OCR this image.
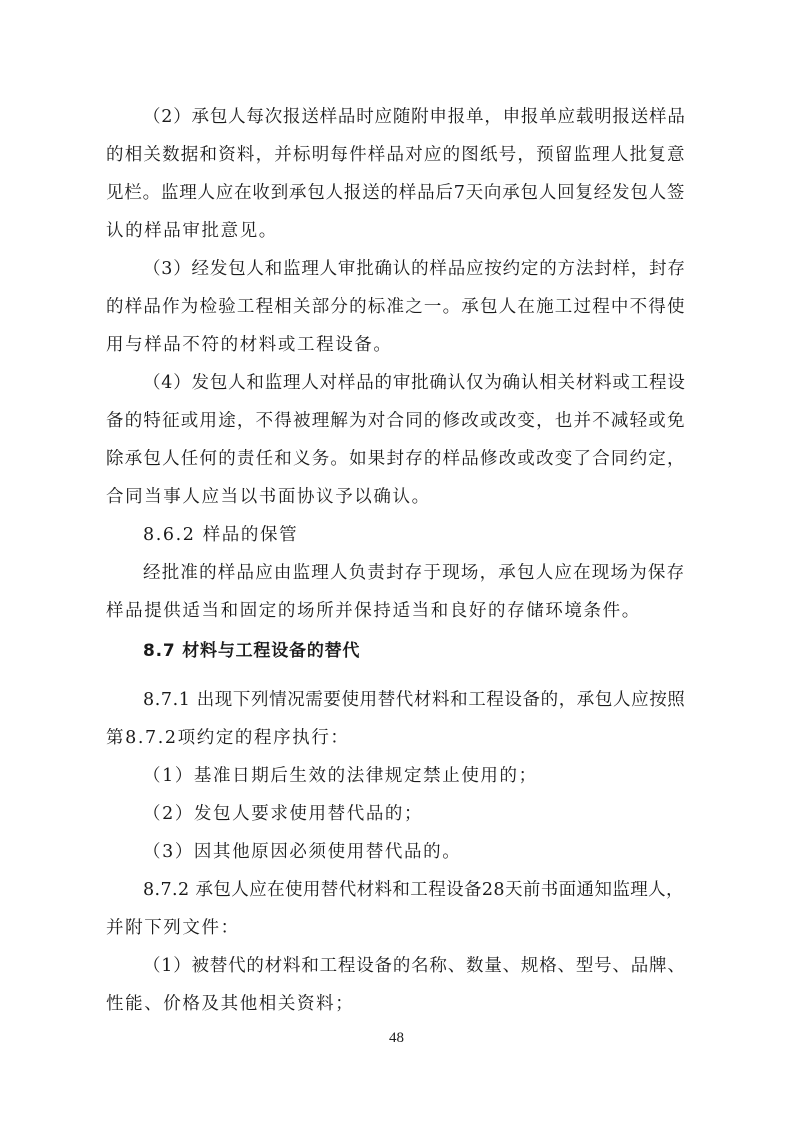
（2）承包人每次报送样品时应随附申报单，申报单应载明报送样品
的相关数据和资料，并标明每件样品对应的图纸号，预留监理人批复意
见栏。监理人应在收到承包人报送的样品后7天向承包人回复经发包人签
认的样品审批意见。
（3）经发包人和监理人审批确认的样品应按约定的方法封样，封存
的样品作为检验工程相关部分的标准之一。承包人在施工过程中不得使
用与样品不符的材料或工程设备。
（4）发包人和监理人对样品的审批确认仅为确认相关材料或工程设
备的特征或用途，不得被理解为对合同的修改或改变，也并不减轻或免
除承包人任何的责任和义务。如果封存的样品修改或改变了合同约定，
合同当事人应当以书面协议予以确认。
8.6.2 样品的保管
经批准的样品应由监理人负责封存于现场，承包人应在现场为保存
样品提供适当和固定的场所并保持适当和良好的存储环境条件。
8.7 材料与工程设备的替代
8.7.1 出现下列情况需要使用替代材料和工程设备的，承包人应按照
第8.7.2项约定的程序执行：
（1）基准日期后生效的法律规定禁止使用的；
（2）发包人要求使用替代品的；
（3）因其他原因必须使用替代品的。
8.7.2 承包人应在使用替代材料和工程设备28天前书面通知监理人，
并附下列文件：
（1）被替代的材料和工程设备的名称、数量、规格、型号、品牌、
性能、价格及其他相关资料；
48
